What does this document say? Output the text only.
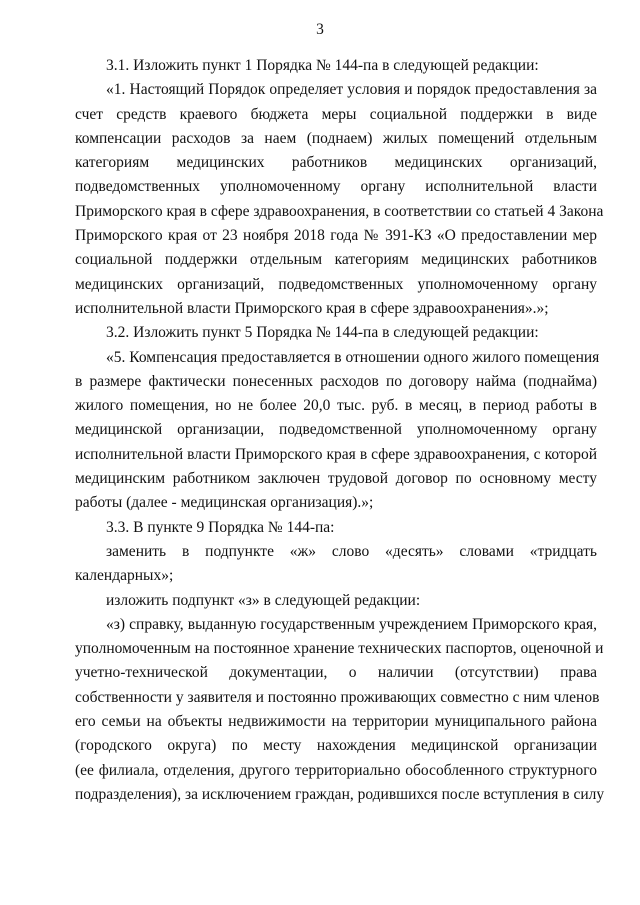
3
3.1. Изложить пункт 1 Порядка № 144-па в следующей редакции:
«1. Настоящий Порядок определяет условия и порядок предоставления за
счет средств краевого бюджета меры социальной поддержки в виде
компенсации расходов за наем (поднаем) жилых помещений отдельным
категориям медицинских работников медицинских организаций,
подведомственных уполномоченному органу исполнительной власти
Приморского края в сфере здравоохранения, в соответствии со статьей 4 Закона
Приморского края от 23 ноября 2018 года № 391-КЗ «О предоставлении мер
социальной поддержки отдельным категориям медицинских работников
медицинских организаций, подведомственных уполномоченному органу
исполнительной власти Приморского края в сфере здравоохранения».»;
3.2. Изложить пункт 5 Порядка № 144-па в следующей редакции:
«5. Компенсация предоставляется в отношении одного жилого помещения
в размере фактически понесенных расходов по договору найма (поднайма)
жилого помещения, но не более 20,0 тыс. руб. в месяц, в период работы в
медицинской организации, подведомственной уполномоченному органу
исполнительной власти Приморского края в сфере здравоохранения, с которой
медицинским работником заключен трудовой договор по основному месту
работы (далее - медицинская организация).»;
3.3. В пункте 9 Порядка № 144-па:
заменить в подпункте «ж» слово «десять» словами «тридцать
календарных»;
изложить подпункт «з» в следующей редакции:
«з) справку, выданную государственным учреждением Приморского края,
уполномоченным на постоянное хранение технических паспортов, оценочной и
учетно-технической документации, о наличии (отсутствии) права
собственности у заявителя и постоянно проживающих совместно с ним членов
его семьи на объекты недвижимости на территории муниципального района
(городского округа) по месту нахождения медицинской организации
(ее филиала, отделения, другого территориально обособленного структурного
подразделения), за исключением граждан, родившихся после вступления в силу
